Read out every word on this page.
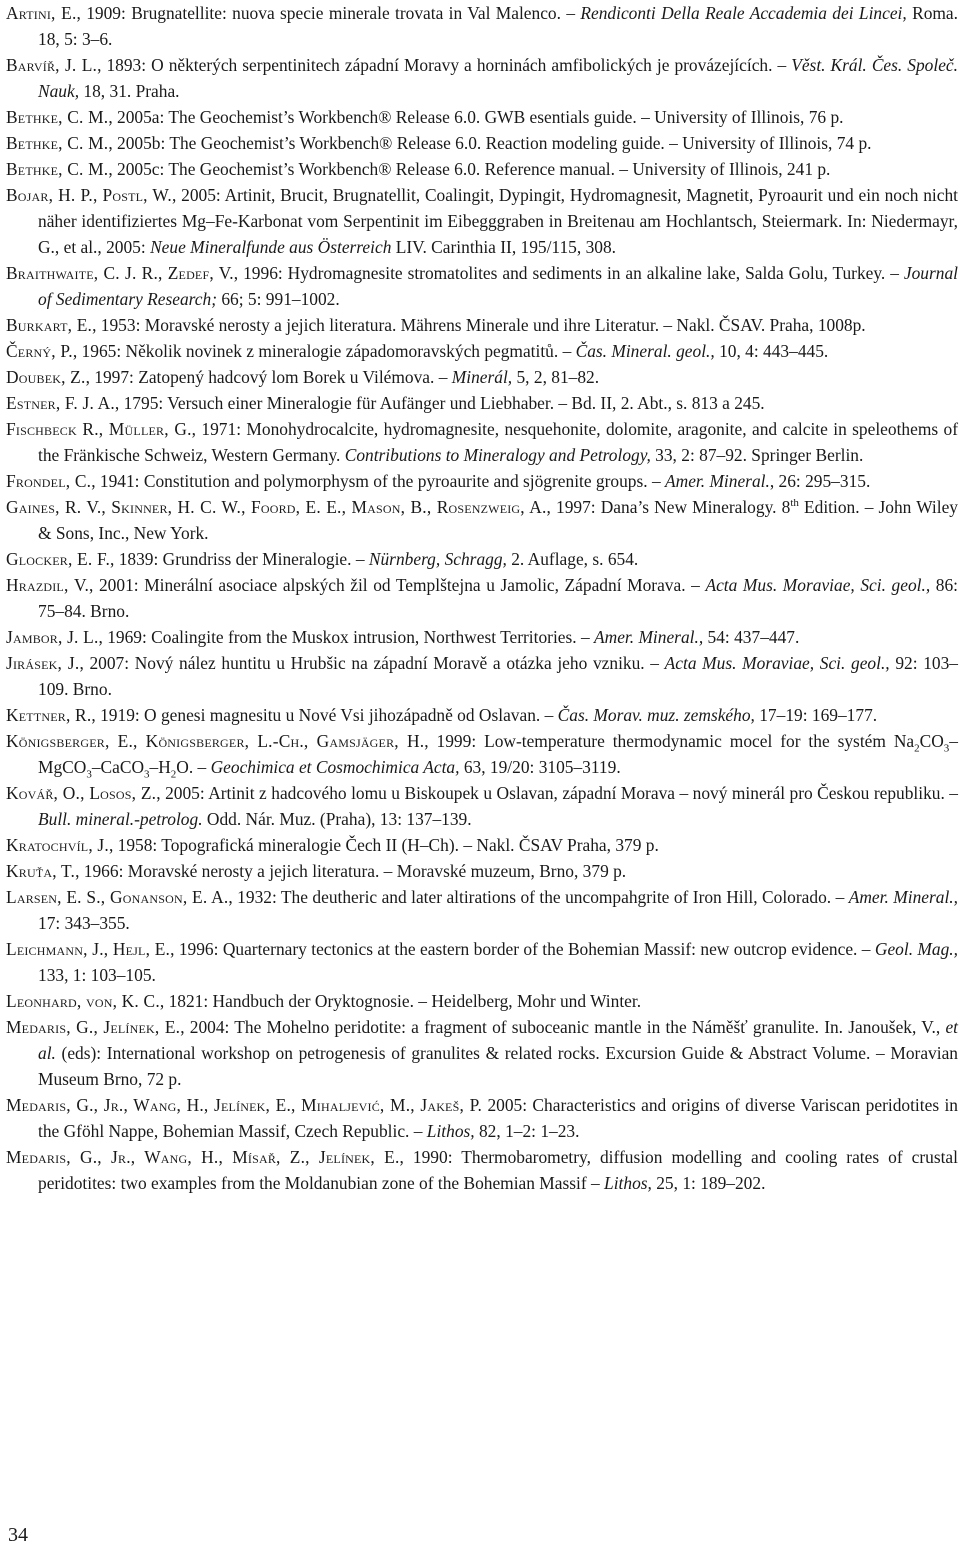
Artini, E., 1909: Brugnatellite: nuova specie minerale trovata in Val Malenco. – Rendiconti Della Reale Accademia dei Lincei, Roma. 18, 5: 3–6.

Barvíř, J. L., 1893: O některých serpentinitech západní Moravy a horninách amfibolických je provázejících. – Věst. Král. Čes. Společ. Nauk, 18, 31. Praha.

Bethke, C. M., 2005a: The Geochemist’s Workbench® Release 6.0. GWB esentials guide. – University of Illinois, 76 p.

Bethke, C. M., 2005b: The Geochemist’s Workbench® Release 6.0. Reaction modeling guide. – University of Illinois, 74 p.

Bethke, C. M., 2005c: The Geochemist’s Workbench® Release 6.0. Reference manual. – University of Illinois, 241 p.

Bojar, H. P., Postl, W., 2005: Artinit, Brucit, Brugnatellit, Coalingit, Dypingit, Hydromagnesit, Magnetit, Pyroaurit und ein noch nicht näher identifiziertes Mg–Fe-Karbonat vom Serpentinit im Eibegggraben in Breitenau am Hochlantsch, Steiermark. In: Niedermayr, G., et al., 2005: Neue Mineralfunde aus Österreich LIV. Carinthia II, 195/115, 308.

Braithwaite, C. J. R., Zedef, V., 1996: Hydromagnesite stromatolites and sediments in an alkaline lake, Salda Golu, Turkey. – Journal of Sedimentary Research; 66; 5: 991–1002.

Burkart, E., 1953: Moravské nerosty a jejich literatura. Mährens Minerale und ihre Literatur. – Nakl. ČSAV. Praha, 1008p.

Černý, P., 1965: Několik novinek z mineralogie západomoravských pegmatitů. – Čas. Mineral. geol., 10, 4: 443–445.

Doubek, Z., 1997: Zatopený hadcový lom Borek u Vilémova. – Minerál, 5, 2, 81–82.

Estner, F. J. A., 1795: Versuch einer Mineralogie für Aufänger und Liebhaber. – Bd. II, 2. Abt., s. 813 a 245.

Fischbeck R., Müller, G., 1971: Monohydrocalcite, hydromagnesite, nesquehonite, dolomite, aragonite, and calcite in speleothems of the Fränkische Schweiz, Western Germany. Contributions to Mineralogy and Petrology, 33, 2: 87–92. Springer Berlin.

Frondel, C., 1941: Constitution and polymorphysm of the pyroaurite and sjögrenite groups. – Amer. Mineral., 26: 295–315.

Gaines, R. V., Skinner, H. C. W., Foord, E. E., Mason, B., Rosenzweig, A., 1997: Dana’s New Mineralogy. 8th Edition. – John Wiley & Sons, Inc., New York.

Glocker, E. F., 1839: Grundriss der Mineralogie. – Nürnberg, Schragg, 2. Auflage, s. 654.

Hrazdil, V., 2001: Minerální asociace alpských žil od Templštejna u Jamolic, Západní Morava. – Acta Mus. Moraviae, Sci. geol., 86: 75–84. Brno.

Jambor, J. L., 1969: Coalingite from the Muskox intrusion, Northwest Territories. – Amer. Mineral., 54: 437–447.

Jirásek, J., 2007: Nový nález huntitu u Hrubšic na západní Moravě a otázka jeho vzniku. – Acta Mus. Moraviae, Sci. geol., 92: 103–109. Brno.

Kettner, R., 1919: O genesi magnesitu u Nové Vsi jihozápadně od Oslavan. – Čas. Morav. muz. zemského, 17–19: 169–177.

Königsberger, E., Königsberger, L.-Ch., Gamsjäger, H., 1999: Low-temperature thermodynamic mocel for the systém $Na_2CO_3-MgCO_3-CaCO_3-H_2O$. – Geochimica et Cosmochimica Acta, 63, 19/20: 3105–3119.

Kovář, O., Losos, Z., 2005: Artinit z hadcového lomu u Biskoupek u Oslavan, západní Morava – nový minerál pro Českou republiku. – Bull. mineral.-petrolog. Odd. Nár. Muz. (Praha), 13: 137–139.

Kratochvíl, J., 1958: Topografická mineralogie Čech II (H–Ch). – Nakl. ČSAV Praha, 379 p.

Kruťa, T., 1966: Moravské nerosty a jejich literatura. – Moravské muzeum, Brno, 379 p.

Larsen, E. S., Gonanson, E. A., 1932: The deutheric and later altirations of the uncompahgrite of Iron Hill, Colorado. – Amer. Mineral., 17: 343–355.

Leichmann, J., Hejl, E., 1996: Quarternary tectonics at the eastern border of the Bohemian Massif: new outcrop evidence. – Geol. Mag., 133, 1: 103–105.

Leonhard, von, K. C., 1821: Handbuch der Oryktognosie. – Heidelberg, Mohr und Winter.

Medaris, G., Jelínek, E., 2004: The Mohelno peridotite: a fragment of suboceanic mantle in the Náměšť granulite. In. Janoušek, V., et al. (eds): International workshop on petrogenesis of granulites & related rocks. Excursion Guide & Abstract Volume. – Moravian Museum Brno, 72 p.

Medaris, G., Jr., Wang, H., Jelínek, E., Mihaljević, M., Jakeš, P. 2005: Characteristics and origins of diverse Variscan peridotites in the Gföhl Nappe, Bohemian Massif, Czech Republic. – Lithos, 82, 1–2: 1–23.

Medaris, G., Jr., Wang, H., Mísař, Z., Jelínek, E., 1990: Thermobarometry, diffusion modelling and cooling rates of crustal peridotites: two examples from the Moldanubian zone of the Bohemian Massif – Lithos, 25, 1: 189–202.

34
